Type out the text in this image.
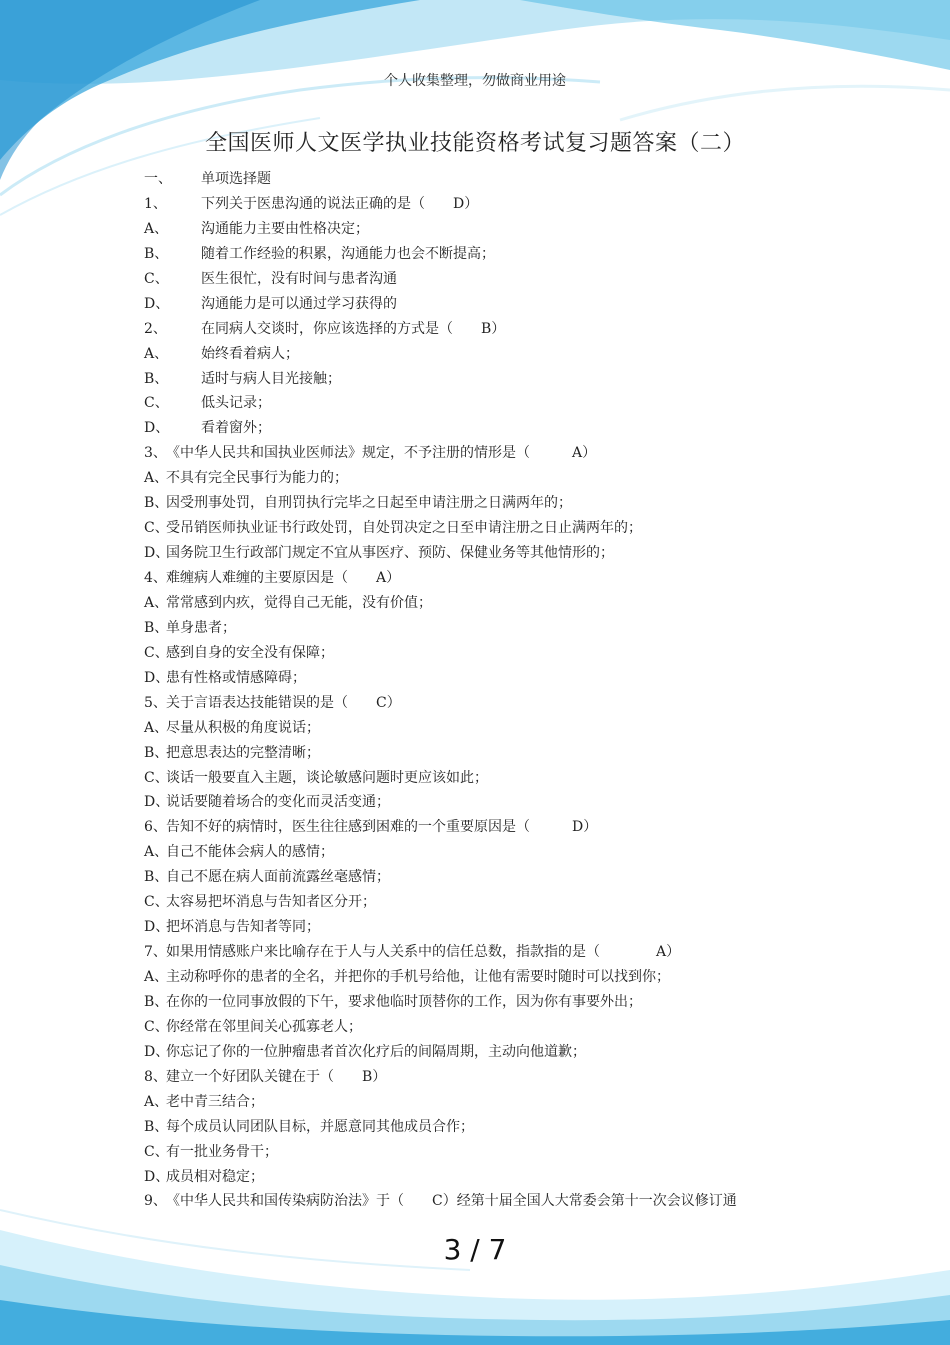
个人收集整理，勿做商业用途
全国医师人文医学执业技能资格考试复习题答案（二）
一、 单项选择题
1、 下列关于医患沟通的说法正确的是（　　D）
A、 沟通能力主要由性格决定；
B、 随着工作经验的积累，沟通能力也会不断提高；
C、 医生很忙，没有时间与患者沟通
D、 沟通能力是可以通过学习获得的
2、 在同病人交谈时，你应该选择的方式是（　　B）
A、 始终看着病人；
B、 适时与病人目光接触；
C、 低头记录；
D、 看着窗外；
3、 《中华人民共和国执业医师法》规定，不予注册的情形是（　　　A）
A、
不具有完全民事行为能力的；
B、
因受刑事处罚，自刑罚执行完毕之日起至申请注册之日满两年的；
C、
受吊销医师执业证书行政处罚，自处罚决定之日至申请注册之日止满两年的；
D、
国务院卫生行政部门规定不宜从事医疗、预防、保健业务等其他情形的；
4、 难缠病人难缠的主要原因是（　　A）
A、
常常感到内疚，觉得自己无能，没有价值；
B、
单身患者；
C、
感到自身的安全没有保障；
D、
患有性格或情感障碍；
5、 关于言语表达技能错误的是（　　C）
A、
尽量从积极的角度说话；
B、
把意思表达的完整清晰；
C、
谈话一般要直入主题，谈论敏感问题时更应该如此；
D、
说话要随着场合的变化而灵活变通；
6、 告知不好的病情时，医生往往感到困难的一个重要原因是（　　　D）
A、
自己不能体会病人的感情；
B、
自己不愿在病人面前流露丝毫感情；
C、
太容易把坏消息与告知者区分开；
D、
把坏消息与告知者等同；
7、 如果用情感账户来比喻存在于人与人关系中的信任总数，指款指的是（　　　　A）
A、
主动称呼你的患者的全名，并把你的手机号给他，让他有需要时随时可以找到你；
B、
在你的一位同事放假的下午，要求他临时顶替你的工作，因为你有事要外出；
C、
你经常在邻里间关心孤寡老人；
D、
你忘记了你的一位肿瘤患者首次化疗后的间隔周期，主动向他道歉；
8、 建立一个好团队关键在于（　　B）
A、
老中青三结合；
B、
每个成员认同团队目标，并愿意同其他成员合作；
C、
有一批业务骨干；
D、
成员相对稳定；
9、 《中华人民共和国传染病防治法》于（　　C）经第十届全国人大常委会第十一次会议修订通
3 / 7
